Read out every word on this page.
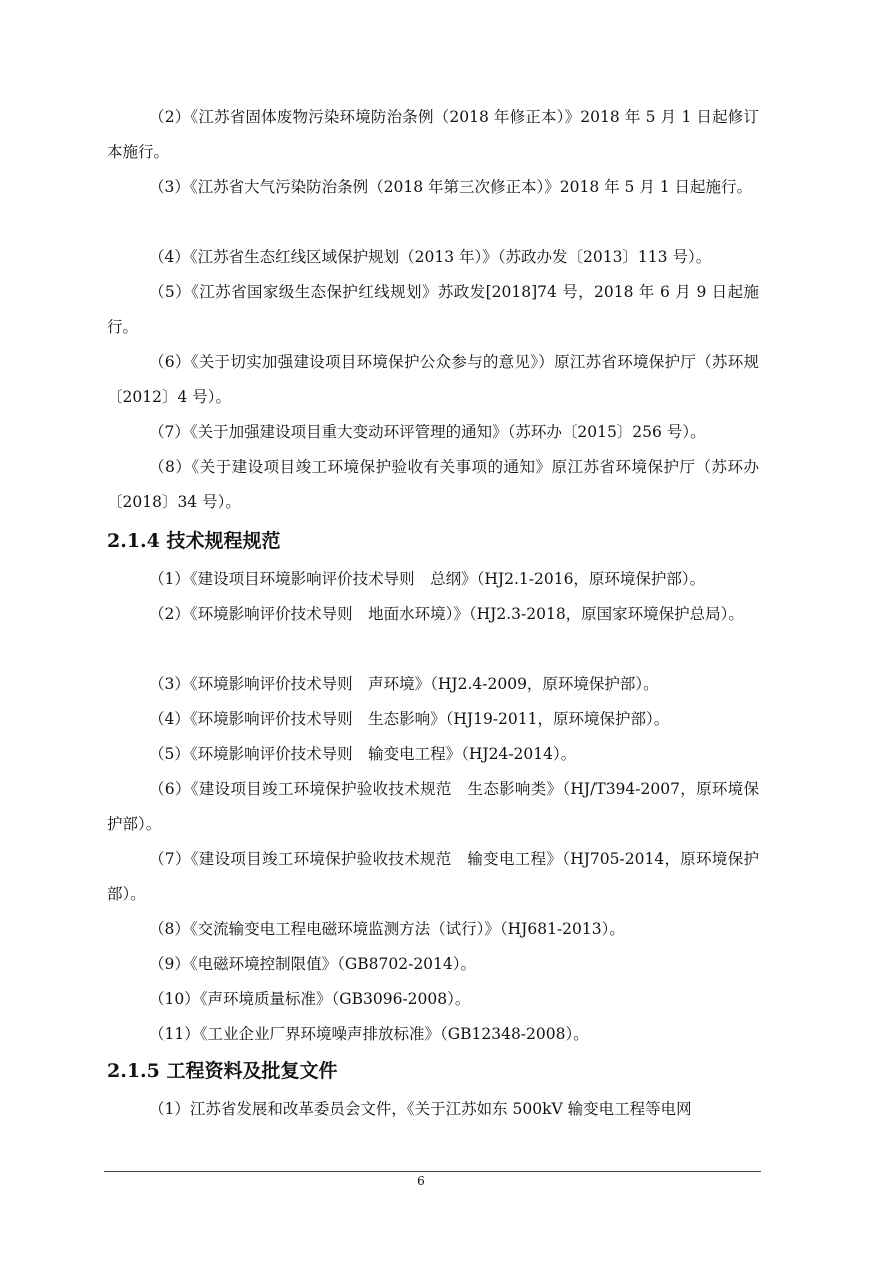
（2）《江苏省固体废物污染环境防治条例（2018 年修正本）》2018 年 5 月 1 日起修订本施行。

（3）《江苏省大气污染防治条例（2018 年第三次修正本）》2018 年 5 月 1 日起施行。

（4）《江苏省生态红线区域保护规划（2013 年）》（苏政办发〔2013〕113 号）。

（5）《江苏省国家级生态保护红线规划》苏政发[2018]74 号，2018 年 6 月 9 日起施行。

（6）《关于切实加强建设项目环境保护公众参与的意见》）原江苏省环境保护厅（苏环规〔2012〕4 号）。

（7）《关于加强建设项目重大变动环评管理的通知》（苏环办〔2015〕256 号）。

（8）《关于建设项目竣工环境保护验收有关事项的通知》原江苏省环境保护厅（苏环办〔2018〕34 号）。

2.1.4 技术规程规范

（1）《建设项目环境影响评价技术导则　总纲》（HJ2.1-2016，原环境保护部）。

（2）《环境影响评价技术导则　地面水环境）》（HJ2.3-2018，原国家环境保护总局）。

（3）《环境影响评价技术导则　声环境》（HJ2.4-2009，原环境保护部）。

（4）《环境影响评价技术导则　生态影响》（HJ19-2011，原环境保护部）。

（5）《环境影响评价技术导则　输变电工程》（HJ24-2014）。

（6）《建设项目竣工环境保护验收技术规范　生态影响类》（HJ/T394-2007，原环境保护部）。

（7）《建设项目竣工环境保护验收技术规范　输变电工程》（HJ705-2014，原环境保护部）。

（8）《交流输变电工程电磁环境监测方法（试行）》（HJ681-2013）。

（9）《电磁环境控制限值》（GB8702-2014）。

（10）《声环境质量标准》（GB3096-2008）。

（11）《工业企业厂界环境噪声排放标准》（GB12348-2008）。

2.1.5 工程资料及批复文件

（1）江苏省发展和改革委员会文件，《关于江苏如东 500kV 输变电工程等电网

6
